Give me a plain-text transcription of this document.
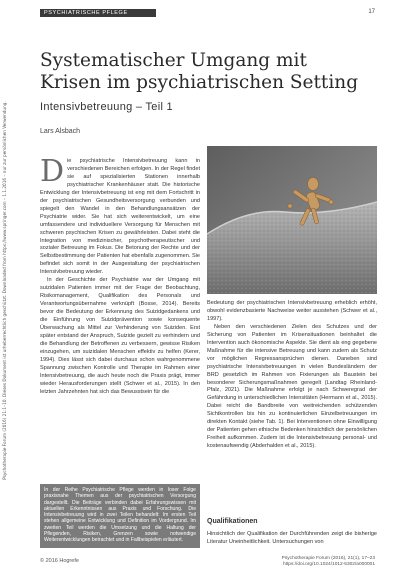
Psychotherapie Forum (2016) 21:1–10. Dieses Dokument ist urheberrechtlich geschützt. Downloaded from https://www.springer.com – 1.1.2016 – nur zur persönlichen Verwendung.
PSYCHIATRISCHE PFLEGE	17
Systematischer Umgang mit Krisen im psychiatrischen Setting
Intensivbetreuung – Teil 1
Lars Alsbach

Die psychiatrische Intensivbetreuung kann in verschiedenen Bereichen erfolgen. In der Regel findet sie auf spezialisierten Stationen innerhalb psychiatrischer Krankenhäuser statt. Die historische Entwicklung der Intensivbetreuung ist eng mit dem Fortschritt in der psychiatrischen Gesundheitsversorgung verbunden und spiegelt den Wandel in den Behandlungsansätzen der Psychiatrie wider. Sie hat sich weiterentwickelt, um eine umfassendere und individuellere Versorgung für Menschen mit schweren psychischen Krisen zu gewährleisten. Dabei steht die Integration von medizinischer, psychotherapeutischer und sozialer Betreuung im Fokus. Die Betonung der Rechte und der Selbstbestimmung der Patienten hat ebenfalls zugenommen. Sie befindet sich somit in der Ausgestaltung der psychiatrischen Intensivbetreuung wieder.

In der Geschichte der Psychiatrie war der Umgang mit suizidalen Patienten immer mit der Frage der Beobachtung, Risikomanagement, Qualifikation des Personals und Verantwortungsübernahme verknüpft (Bosse, 2014). Bereits bevor die Bedeutung der Erkennung des Suizidgedankens und die Einführung von Suizidprävention sowie konsequente Überwachung als Mittel zur Verhinderung von Suiziden. Erst später entstand der Anspruch, Suizide gezielt zu verhindern und die Behandlung der Betroffenen zu verbessern, gewisse Risiken einzugehen, um suizidalen Menschen effektiv zu helfen (Kerer, 1994). Dies lässt sich dabei durchaus schon wahrgenommene Spannung zwischen Kontrolle und Therapie im Rahmen einer Intensivbetreuung, die auch heute noch die Praxis prägt, immer wieder Herausforderungen stellt (Schwer et al., 2015). In den letzten Jahrzehnten hat sich das Bewusstsein für die

Bedeutung der psychiatrischen Intensivbetreuung erheblich erhöht, obwohl evidenzbasierte Nachweise weiter ausstehen (Schwer et al., 1997).

Neben den verschiedenen Zielen des Schutzes und der Sicherung von Patienten im Krisensituationen beinhaltet die Intervention auch ökonomische Aspekte. Sie dient als eng gegebene Maßnahme für die intensive Betreuung und kann zudem als Schutz vor möglichen Regressansprüchen dienen. Daneben sind psychiatrische Intensivbetreuungen in vielen Bundesländern der BRD gesetzlich im Rahmen von Fixierungen als Baustein bei besonderer Sicherungsmaßnahmen geregelt (Landtag Rheinland-Pfalz, 2021). Die Maßnahme erfolgt je nach Schweregrad der Gefährdung in unterschiedlichen Intensitäten (Hermann et al., 2015). Dabei reicht die Bandbreite von weitreichenden schützenden Sichtkontrollen bis hin zu kontinuierlichen Einzelbetreuungen im direkten Kontakt (siehe Tab. 1). Bei Interventionen ohne Einwilligung der Patienten gehen ethische Bedenken hinsichtlich der persönlichen Freiheit aufkommen. Zudem ist die Intensivbetreuung personal- und kostenaufwendig (Abderhalden et al., 2015).

In der Reihe Psychiatrische Pflege werden in loser Folge praxisnahe Themen aus der psychiatrischen Versorgung dargestellt. Die Beiträge verbinden dabei Erfahrungswissen mit aktuellen Erkenntnissen aus Praxis und Forschung. Die Intensivbetreuung wird in zwei Teilen behandelt: Im ersten Teil stehen allgemeine Entwicklung und Definition im Vordergrund. Im zweiten Teil werden die Umsetzung und die Haltung der Pflegenden, Risiken, Grenzen sowie notwendige Weiterentwicklungen betrachtet und in Fallbeispielen erläutert.

Qualifikationen

Hinsichtlich der Qualifikation der Durchführenden zeigt die bisherige Literatur Uneinheitlichkeit. Untersuchungen von

© 2016 Hogrefe	Psychotherapie Forum (2016), 21(1), 17–23 https://doi.org/10.1024/1012-5302/a000001
